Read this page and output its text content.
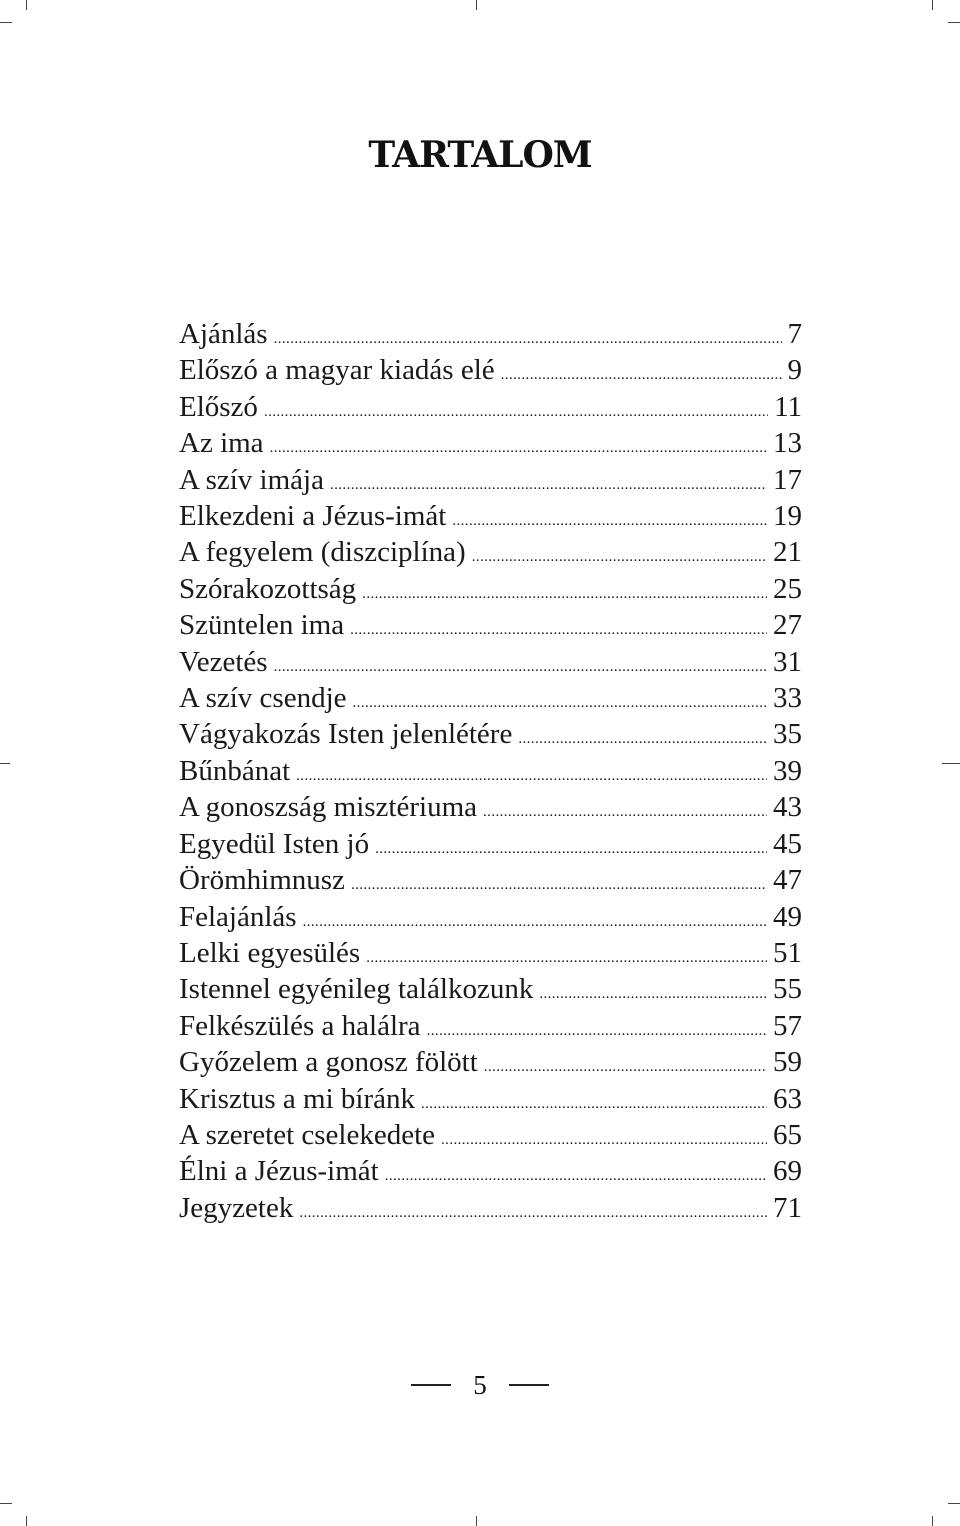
TARTALOM
Ajánlás .....	7
Előszó a magyar kiadás elé .....	9
Előszó .....	11
Az ima .....	13
A szív imája .....	17
Elkezdeni a Jézus-imát .....	19
A fegyelem (diszciplína) .....	21
Szórakozottság .....	25
Szüntelen ima .....	27
Vezetés .....	31
A szív csendje .....	33
Vágyakozás Isten jelenlétére .....	35
Bűnbánat .....	39
A gonoszság misztériuma .....	43
Egyedül Isten jó .....	45
Örömhimnusz .....	47
Felajánlás .....	49
Lelki egyesülés .....	51
Istennel egyénileg találkozunk .....	55
Felkészülés a halálra .....	57
Győzelem a gonosz fölött .....	59
Krisztus a mi bíránk .....	63
A szeretet cselekedete .....	65
Élni a Jézus-imát .....	69
Jegyzetek .....	71
5
